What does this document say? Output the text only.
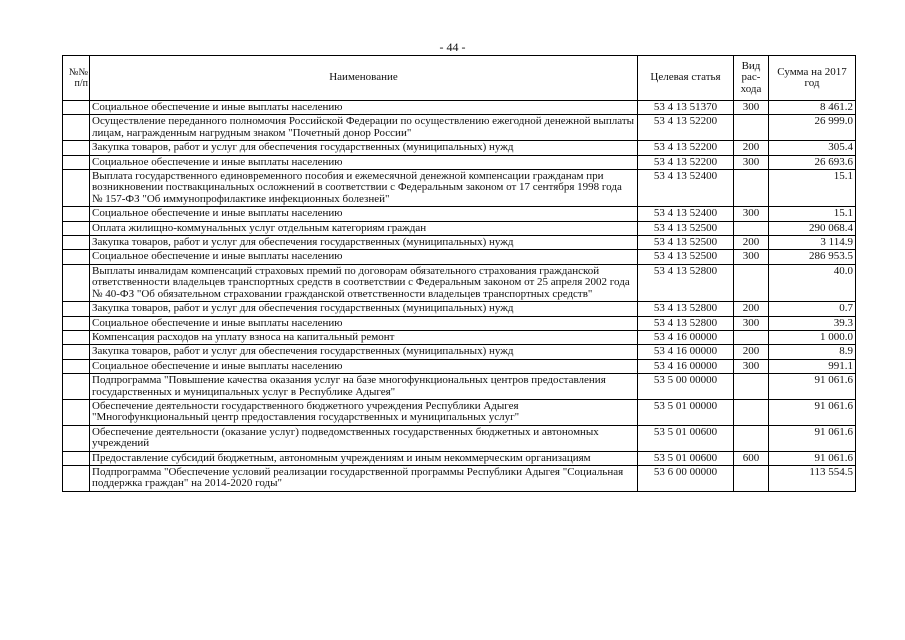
- 44 -
№№ п/п	Наименование	Целевая статья	Вид рас-хода	Сумма на 2017 год
	Социальное обеспечение и иные выплаты населению	53 4 13 51370	300	8 461.2
	Осуществление переданного полномочия Российской Федерации по осуществлению ежегодной денежной выплаты лицам, награжденным нагрудным знаком "Почетный донор России"	53 4 13 52200		26 999.0
	Закупка товаров, работ и услуг для обеспечения государственных (муниципальных) нужд	53 4 13 52200	200	305.4
	Социальное обеспечение и иные выплаты населению	53 4 13 52200	300	26 693.6
	Выплата государственного единовременного пособия и ежемесячной денежной компенсации гражданам при возникновении поствакцинальных осложнений в соответствии с Федеральным законом от 17 сентября 1998 года № 157-ФЗ "Об иммунопрофилактике инфекционных болезней"	53 4 13 52400		15.1
	Социальное обеспечение и иные выплаты населению	53 4 13 52400	300	15.1
	Оплата жилищно-коммунальных услуг отдельным категориям граждан	53 4 13 52500		290 068.4
	Закупка товаров, работ и услуг для обеспечения государственных (муниципальных) нужд	53 4 13 52500	200	3 114.9
	Социальное обеспечение и иные выплаты населению	53 4 13 52500	300	286 953.5
	Выплаты инвалидам компенсаций страховых премий по договорам обязательного страхования гражданской ответственности владельцев транспортных средств в соответствии с Федеральным законом от 25 апреля 2002 года № 40-ФЗ "Об обязательном страховании гражданской ответственности владельцев транспортных средств"	53 4 13 52800		40.0
	Закупка товаров, работ и услуг для обеспечения государственных (муниципальных) нужд	53 4 13 52800	200	0.7
	Социальное обеспечение и иные выплаты населению	53 4 13 52800	300	39.3
	Компенсация расходов на уплату взноса на капитальный ремонт	53 4 16 00000		1 000.0
	Закупка товаров, работ и услуг для обеспечения государственных (муниципальных) нужд	53 4 16 00000	200	8.9
	Социальное обеспечение и иные выплаты населению	53 4 16 00000	300	991.1
	Подпрограмма "Повышение качества оказания услуг на базе многофункциональных центров предоставления государственных и муниципальных услуг в Республике Адыгея"	53 5 00 00000		91 061.6
	Обеспечение деятельности государственного бюджетного учреждения Республики Адыгея "Многофункциональный центр предоставления государственных и муниципальных услуг"	53 5 01 00000		91 061.6
	Обеспечение деятельности (оказание услуг) подведомственных государственных бюджетных и автономных учреждений	53 5 01 00600		91 061.6
	Предоставление субсидий бюджетным, автономным учреждениям и иным некоммерческим организациям	53 5 01 00600	600	91 061.6
	Подпрограмма "Обеспечение условий реализации государственной программы Республики Адыгея "Социальная поддержка граждан" на 2014-2020 годы"	53 6 00 00000		113 554.5
